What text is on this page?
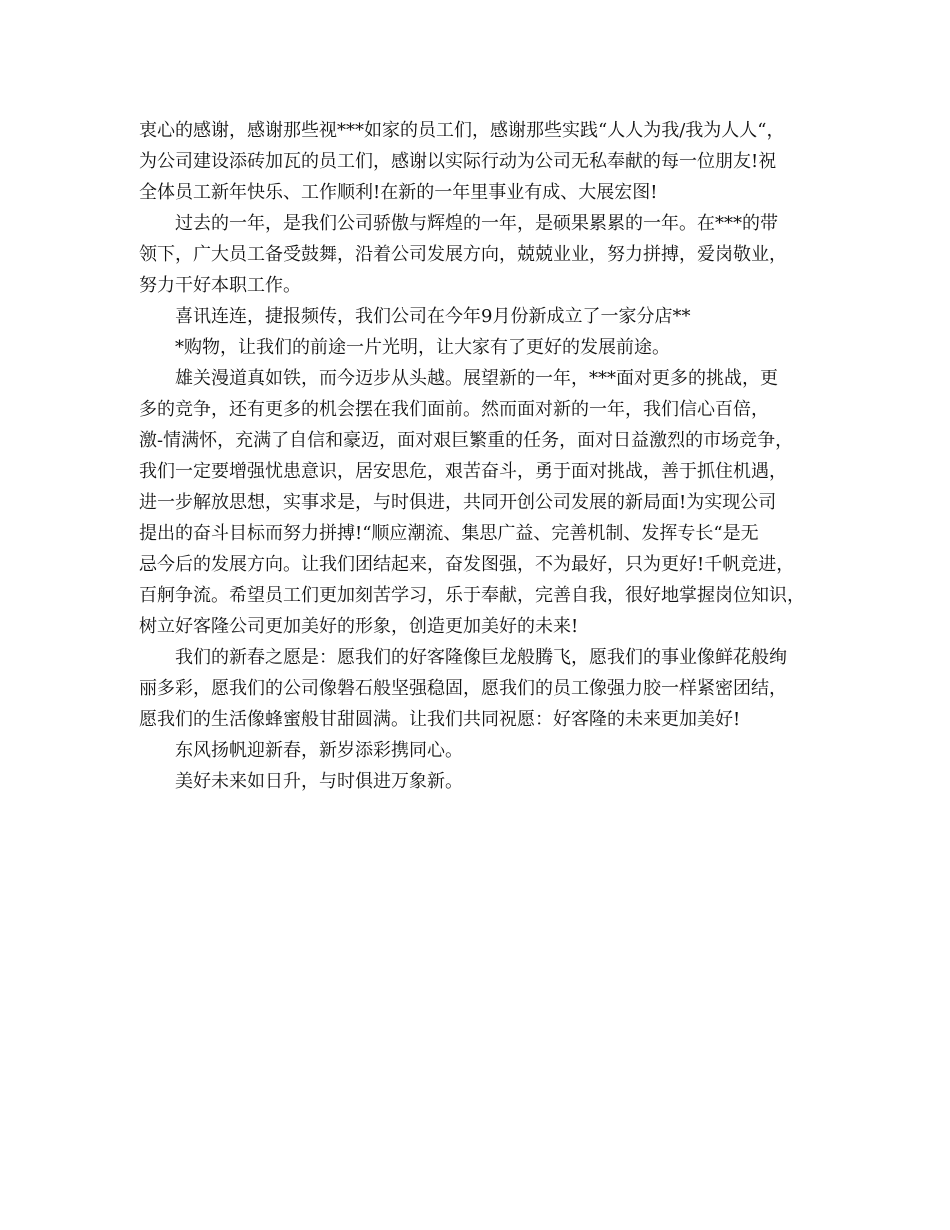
衷心的感谢，感谢那些视***如家的员工们，感谢那些实践“人人为我/我为人人“，
为公司建设添砖加瓦的员工们，感谢以实际行动为公司无私奉献的每一位朋友!祝
全体员工新年快乐、工作顺利!在新的一年里事业有成、大展宏图!
过去的一年，是我们公司骄傲与辉煌的一年，是硕果累累的一年。在***的带
领下，广大员工备受鼓舞，沿着公司发展方向，兢兢业业，努力拼搏，爱岗敬业，
努力干好本职工作。
喜讯连连，捷报频传，我们公司在今年9月份新成立了一家分店**
*购物，让我们的前途一片光明，让大家有了更好的发展前途。
雄关漫道真如铁，而今迈步从头越。展望新的一年，***面对更多的挑战，更
多的竞争，还有更多的机会摆在我们面前。然而面对新的一年，我们信心百倍，
激-情满怀，充满了自信和豪迈，面对艰巨繁重的任务，面对日益激烈的市场竞争，
我们一定要增强忧患意识，居安思危，艰苦奋斗，勇于面对挑战，善于抓住机遇，
进一步解放思想，实事求是，与时俱进，共同开创公司发展的新局面!为实现公司
提出的奋斗目标而努力拼搏!“顺应潮流、集思广益、完善机制、发挥专长“是无
忌今后的发展方向。让我们团结起来，奋发图强，不为最好，只为更好!千帆竞进，
百舸争流。希望员工们更加刻苦学习，乐于奉献，完善自我，很好地掌握岗位知识，
树立好客隆公司更加美好的形象，创造更加美好的未来!
我们的新春之愿是：愿我们的好客隆像巨龙般腾飞，愿我们的事业像鲜花般绚
丽多彩，愿我们的公司像磐石般坚强稳固，愿我们的员工像强力胶一样紧密团结，
愿我们的生活像蜂蜜般甘甜圆满。让我们共同祝愿：好客隆的未来更加美好!
东风扬帆迎新春，新岁添彩携同心。
美好未来如日升，与时俱进万象新。
